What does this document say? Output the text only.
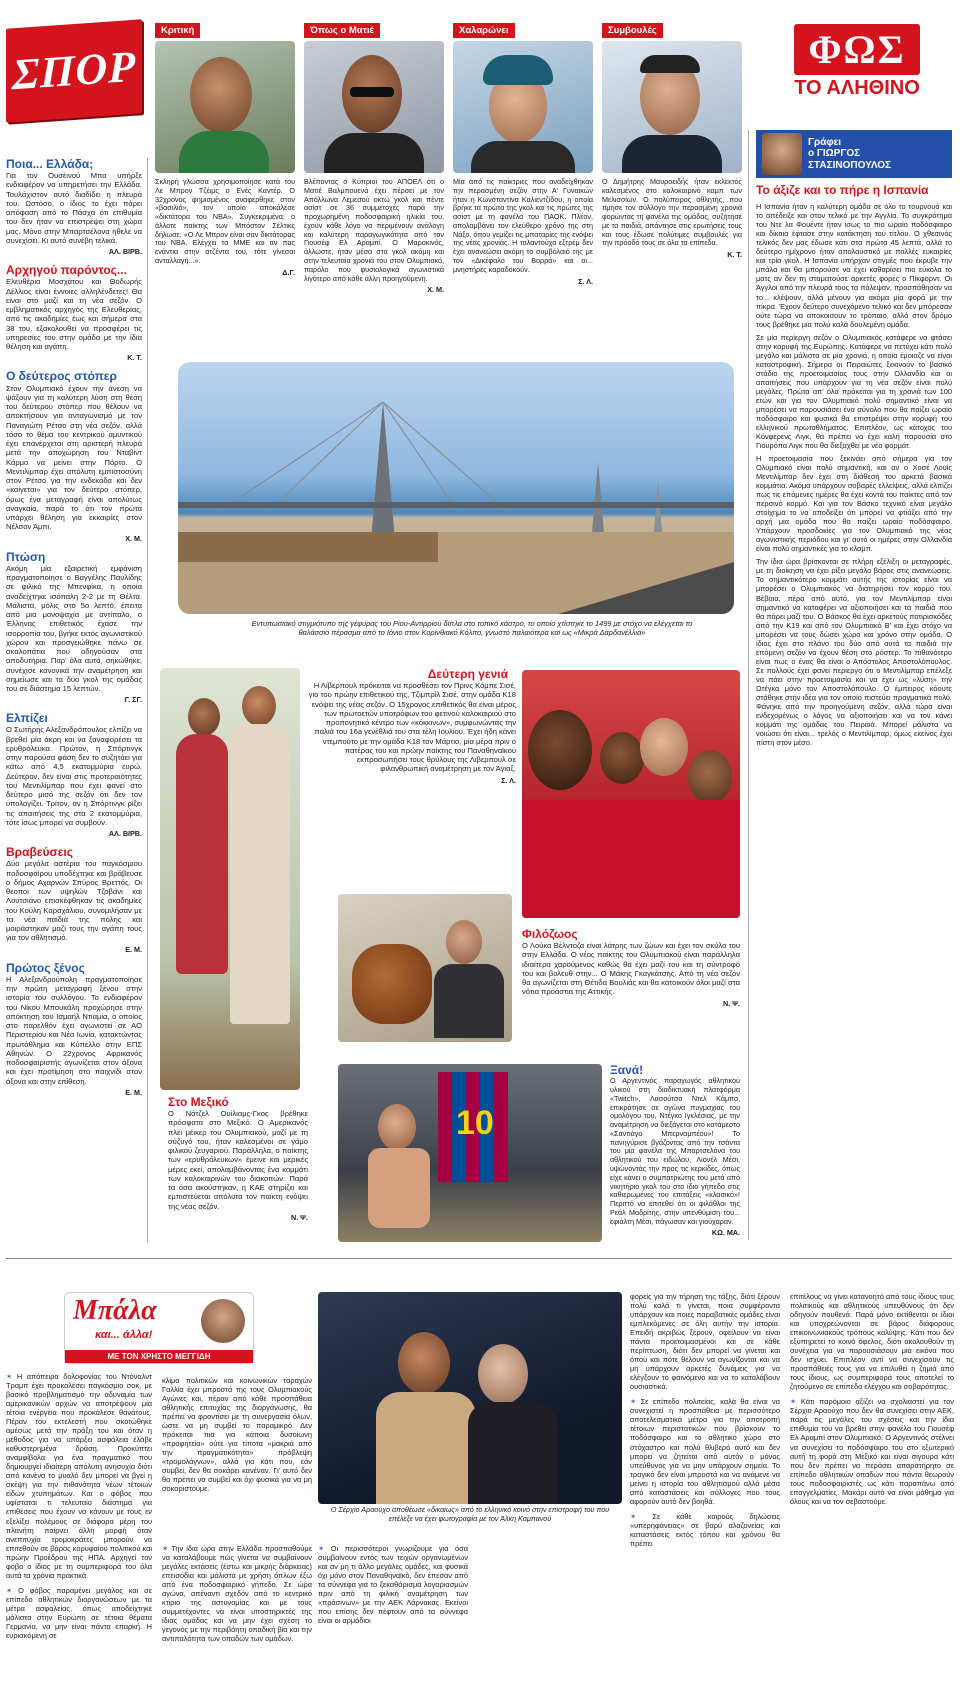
ΣΠΟΡ
Κριτική
Σκληρή γλώσσα χρησιμοποίησε κατά του Λε Μπρον Τζέιμς ο Ενές Καντέρ. Ο 32χρονος φημισμένος αναφερθηκε στον «βασιλιά», τον οποίο αποκάλεσε «δικτάτορα του ΝΒΑ». Συγκεκριμένα, ο άλλοτε παίκτης των Μπόστον Σέλτικς δήλωσε: «Ο Λε Μπρον είναι σαν δικτάτορας του NBA. Ελέγχει τα ΜΜΕ και αν πας ενάντια στην ατζέντα του, τότε γίνεσαι ανταλλαγή...».
Δ.Γ.
Όπως ο Ματιέ
Βλέποντας ο Κύπριοι του ΑΠΟΕΛ ότι ο Ματιέ Βαλμπουενά έχει πέρσει με τον Απόλλωνα Λεμεσού οκτώ γκολ και πέντε ασίστ σε 36 συμμετοχές παρά την προχωρημένη ποδοσφαιρική ηλικία του, έχουν κάθε λόγο να περιμένουν ανάλογη και καλύτερη παραγωγικότητα από τον Γιουσέφ Ελ Αραμπί. Ο Μαροκινός, άλλωστε, ήταν μέσα στα γκολ ακόμη και στην τελευταία χρονιά του στον Ολυμπιακό, παρόλο που φυσιολογικά αγωνιστικά λιγότερο από κάθε άλλη προηγούμενη.
Χ. Μ.
Χαλαρώνει
Μία από τις παίκτριες που αναδείχθηκαν την περασμένη σεζόν στην Α' Γυναικών ήταν η Κωνσταντίνα Καλιεντζίδου, η οποία βρήκε τα πρώτα της γκολ και τις πρώτες της ασίστ με τη φανέλα του ΠΑΟΚ. Πλέον, απολαμβάνει τον ελεύθερο χρόνο της στη Νάξο, όπου γεμίζει τις μπαταρίες της ενόψει της νέας χρονιάς. Η ταλαντούχα εξτρέμ δεν έχει ανανεώσει ακόμη το συμβόλαιό της με τον «Δικέφαλο του Βορρά» και οι... μνηστήρες καραδοκούν.
Σ. Λ.
Συμβουλές
Ο Δημήτρης Μαυροειδής ήταν εκλεκτός καλεσμένος στο καλοκαιρινό καμπ των Μελισσίων. Ο πολύπειρος αθλητής, που τίμησε τον σύλλογο την περασμένη χρονιά φορώντας τη φανέλα της ομάδας, συζήτησε με τα παιδιά, απάντησε στις ερωτήσεις τους και τους έδωσε πολύτιμες συμβουλές για την πρόοδό τους σε όλα τα επίπεδα.
Κ. Τ.
ΦΩΣ
ΤΟ ΑΛΗΘΙΝΟ
Γράφει
ο ΓΙΩΡΓΟΣ
ΣΤΑΣΙΝΟΠΟΥΛΟΣ
Ποια... Ελλάδα;
Για τον Ουσέινού Μπα υπήρξε ενδιαφέρον να υπηρετήσει την Ελλάδα. Τουλάχιστον αυτό διαδίδει η πλευρά του. Ωστόσο, ο ίδιος το έχει πάρει απόφαση από το Πάσχα ότι επιθυμία του δεν ήταν να επιστρέψει στη χώρα μας. Μόνο στην Μπαρτσέλονα ηθελε να συνεχίσει. Κι αυτό συνέβη τελικά.
ΑΛ. ΒΙΡΒ.
Αρχηγού παρόντος...
Ελευθέρια Μοσχάτου και Θοδωρής Δέλλιος είναι έννοιες αλληλένδετες! Θα είναι στο μαζί και τη νέα σεζόν. Ο εμβληματικός αρχηγός της Ελευθερίας, από τις ακαδημίες έως και σήμερα στα 38 του, εξακολουθεί να προσφέρει τις υπηρεσίες του στην ομάδα με την ίδια θέληση και αγάπη.
Κ. Τ.
Ο δεύτερος στόπερ
Στον Ολυμπιακό έχουν την άνεση να ψάξουν για τη καλύτερη λύση στη θέση του δεύτερου στόπερ που θέλουν να αποκτήσουν για ανταγωνισμό με τον Παναγιώτη Ρέτσο στη νέα σεζόν, αλλά τόσο το θέμα του κεντρικού αμυντικού έχει επανέρχεται στη αριστερή πλευρά μετά την αποχώρηση του Νταβίντ Κάρμο να μείνει στην Πόρτο. Ο Μεντιλίμπαρ έχει απόλυτη εμπιστοσύνη στον Ρέτσο για την ενδεκάδα και δεν «καίγεται» για τον δεύτερο στόπερ, όμως ένα μεταγραφή είναι απολύτως αναγκαία, παρά το ότι τον πρώτα υπάρχει θέληση για εκκαιρίες στον Νέλσον Άμπι.
Χ. Μ.
Πτώση
Ακόμη μία εξαιρετική εμφάνιση πραγματοποίησε ο Βαγγέλης Παυλίδης σε φιλικό της Μπενφίκα, η οποία αναδείχτηκε ισόπαλη 2-2 με τη Θέλτα. Μάλιστα, μόλις στο 5ο λεπτό, έπειτα από μια μονοψαχία με αντίπαλο, ο Έλληνας επιθετικός έχασε την ισορροπία του, βγήκε εκτός αγωνιστικού χώρου και προσγειώθηκε πάνω σε σκαλοπάτια που οδηγούσαν στα αποδυτήρια. Παρ' όλα αυτά, σηκώθηκε, συνέχισε κανονικά την αναμέτρηση και σημείωσε και τα δύο γκολ της ομάδας του σε διάστημα 15 λεπτών.
Γ. ΣΓ.
Ελπίζει
Ο Σωτήρης Αλεξανδρόπουλος ελπίζει να βρεθεί μία άκρη και να ξαναφορέσει τα ερυθρόλευκα. Πρώτον, η Σπόρτινγκ στην παρούσα φάση δεν το συζητάει για κάτω από 4,5 εκατομμύρια ευρώ. Δεύτερον, δεν είναι στις προτεραιότητες του Μεντιλίμπαρ που έχει φανεί στο δεύτερο μισό της σεζόν ότι δεν τον υπολογίζει. Τρίτον, αν η Σπόρτινγκ ρίξει τις απαιτήσεις της στα 2 εκατομμύρια, τότε ίσως μπορεί να συμβούν.
ΑΛ. ΒΙΡΒ.
Βραβεύσεις
Δύο μεγάλα αστέρια του παγκόσμιου ποδοσφαίρου υποδέχτηκε και βράβευσε ο δήμος Αχαρνών Σπύρος Βρεττός. Οι θεοποι των υψηλών Τζοβάνι και Λουτσιάνο επισκέφθηκαν τις ακαδημίες του Κούλη Καραχάλιου, συνομιλήσαν με τα νέα παιδιά της πόλης και μοιράστηκαν μαζί τους την αγάπη τους για τον αθλητισμό.
Ε. Μ.
Πρώτος ξένος
Η Αλεξανδρούπολη πραγματοποίησε την πρώτη μεταγραφή ξένου στην ιστορία του συλλόγου. Το ενδιαφέρον του Νίκου Μπουκάλη προχώρησε στην απόκτηση του Ισμαήλ Ντιαμία, ο οποίος στο παρελθόν έχει αγωνιστεί σε ΑΟ Περιστερίου και Νέα Ιωνία, κατακτώντας πρωτάθλημα και Κύπελλο στην ΕΠΣ Αθηνών. Ο 22χρονος Αφρικανός ποδοσφαιριστής αγωνίζεται στον άξονα και έχει προτίμηση στο παιχνίδι στον άξονα και στην επίθεση.
Ε. Μ.
Εντυπωσιακό στιγμιότυπο της γέφυρας του Ρίου-Αντιρρίου δίπλα στο τοπικό κάστρο, το οποίο χτίστηκε το 1499 με στόχο να ελέγχεται το θαλάσσιο πέρασμα από το Ιόνιο στον Κορινθιακό Κόλπο, γνωστό παλαιότερα και ως «Μικρά Δαρδανέλλια»
Το άξιζε και το πήρε η Ισπανία

Η Ισπανία ήταν η καλύτερη ομάδα σε όλο το τουρνουά και το απέδειξε και στον τελικό με την Αγγλία. Το συγκρότημα του Ντε λα Φουέντε ήταν ίσως το πιο ωραίο ποδόσφαιρο και δίκαια έφτασε στην κατάκτηση του τίτλου. Ο χθεσινός τελικός δεν μας έδωσε κάτι στα πρώτα 45 λεπτά, αλλά το δεύτερο ημίχρονο ήταν απολαυστικό με πολλές ευκαιρίες και τρία γκολ. Η Ισπανία υπήρχαν στιγμές που έκρυβε την μπάλα και θα μπορούσε να έχει καθαρίσει πιο εύκολα το ματς αν δεν τη σταματούσε αρκετές φορές ο Πίκφορντ. Οι Άγγλοι από την πλευρά τους τα πάλεψαν, προσπάθησαν να το... κλέψουν, αλλά μένουν για ακόμα μία φορά με την πίκρα. Έχουν δεύτερο συνεχόμενο τελικό και δεν μπόρεσαν ούτε τώρα να αποκοισουν το τρόπαιο, αλλά στον δρόμο τους βρέθηκε μία πολύ καλά δουλεμένη ομάδα.

Σε μία περίεργη σεζόν ο Ολυμπιακός κατάφερε να φτάσει στην κορυφή της Ευρώπης. Κατάφερε να πετύχει κάτι πολύ μεγάλο και μάλιστα σε μία χρονιά, η οποία έμοιαζε να είναι καταστροφική. Σήμερα οι Πειραιώτες ξεκινούν το βασικό στάδιο της προετοιμασίας τους στην Ολλανδία και οι απαιτήσεις που υπάρχουν για τη νέα σεζόν είναι πολύ μεγάλες. Πρώτα απ' όλα πρόκειται για τη χρονιά των 100 ετών και για τον Ολυμπιακό πολύ σημαντικό είναι να μπορέσει να παρουσιάσει ένα σύνολο που θα παίζει ωραίο ποδόσφαιρο και φυσικά θα επιστρέψει στην κορυφή του ελληνικού πρωταθλήματος. Επιπλέον, ως κάτοχος του Κόνφερενς Λιγκ, θα πρέπει να έχει καλή παρουσία στο Γιουρόπα Λιγκ που θα διεξαχθεί με νέο φορμάτ.

Η προετοιμασία που ξεκινάει από σήμερα για τον Ολυμπιακό είναι πολύ σημαντική, και αν ο Χοσέ Λουίς Μεντιλίμπαρ δεν έχει στη διάθεσή του αρκετά βασικά κομμάτια. Ακόμα υπάρχουν σοβαρές ελλείψεις, αλλά ελπίζει πως τις επόμενες ημέρες θα έχει κοντά του παίκτες από τον περσινό κορμό. Και για τον Βάσκο τεχνικό είναι μεγάλο στοίχημα το να αποδείξει ότι μπορεί να φτιάξει από την αρχή μια ομάδα που θα παίζει ωραίο ποδόσφαιρο. Υπάρχουν προσδοκίες για τον Ολυμπιακό της νέας αγωνιστικής περιόδου και γι' αυτό οι ημέρες στην Ολλανδία είναι πολύ σημαντικές για το κλαμπ.

Την ίδια ώρα βρίσκονται σε πλήρη εξέλιξη οι μεταγραφές, με τη διοίκηση να έχει ρίξει μεγάλο βάρος στις ανανεώσεις. Το σημαντικότερο κομμάτι αυτής της ιστορίας είναι να μπορέσει ο Ολυμπιακός να διατηρήσει τον κορμό του. Βέβαια, πέρα από αυτό, για τον Μεντιλίμπαρ είναι σημαντικό να καταφέρει να αξιοποιήσει και τα παιδιά που θα πάρει μαζί του. Ο Βάσκος θα έχει αρκετούς ποτιρισκόδες από την Κ19 και από τον Ολυμπιακό Β' και έχει στόχο να μπορέσει να τους δώσει χώρο και χρόνο στην ομάδα. Ο ίδιος έχει στο πλάνο του δύο από αυτά τα παιδιά την επόμενη σεζόν να έχουν θέση στο ρόστερ. Το πιθανότερο είναι πως ο ένας θα είναι ο Απόστολος Αποστολόπουλος. Σε πολλούς έχει φανεί περίεργο ότι ο Μεντιλίμπαρ επέλεξε να πάει στην προετοιμασία και να έχει ως «λύση» την Ωτέγκα μόνο τον Αποστολόπουλο. Ο έμπειρος κόουτς στάθηκε στην ιδέα για τον οποίο πιστεύει πραγματικά πολύ. Φάνηκε από την προηγούμενη σεζόν, αλλά τώρα είναι ενδεχομένως ο λόγος να αξιοποιήσει και να τον κάνει κομμάτι της ομάδας του Πειραιά. Μπορεί μάλιστα να νοιώσει ότι είναι... τρελός ο Μεντιλίμπαρ, όμως εκείνος έχει πίστη στον μέσο.

Δεύτερη γενιά
Η Λίβερπουλ πρόκειται να προσθέσει τον Πρινς Κόμπε Σισέ, γιο του πρώην επιθετικού της, Τζιμπρίλ Σισέ, στην ομάδα Κ18 ενόψει της νέας σεζόν. Ο 15χρονος επιθετικός θα είναι μέρος των πρωτοετών υποτρόφων του φετινού καλοκαιριού στο προπονητικό κέντρο των «κόκκινων», συμφωνώντας την παλιά του 16a γενέθλιά του στα τέλη Ιουλίου. Έχει ήδη κάνει ντεμπούτο με την ομάδα Κ18 τον Μάρτιο, μία μέρα πριν ο πατέρας του και πρώην παίκτης του Παναθηναϊκού εκπροσωπήσει τους θρύλους της Λίβερπουλ σε φιλανθρωπική αναμέτρηση με τον Άγιαξ.
Σ. Λ.
Φιλόζωος
Ο Λούκα Βέλντοζα είναι λάτρης των ζώων και έχει τον σκύλο του στην Ελλάδα. Ο νέος παίκτης του Ολυμπιακού είναι παράλληλα ιδιαίτερα χαρούμενος καθώς θα έχει μαζί του και τη σύντροφό του και βολευθ στην... Ο Μάκης Γκαγκάτσης. Από τη νέα σεζόν θα αγωνίζεται στη Θέτιδα Βουλιάς και θα κατοικούν όλοι μαζί στα νότια προάστια της Αττικής.
Ν. Ψ.
Στο Μεξικό
Ο Νάτζελ Ουίλιαμς-Γκος βρέθηκε πρόσφατα στο Μεξικό. Ο Αμερικανός πλέι μέικερ του Ολυμπιακού, μαζί με τη σύζυγό του, ήταν καλεσμένοι σε γάμο φιλικού ζευγαριού. Παράλληλα, ο παίκτης των «ερυθρόλευκων» έμεινε και μερικές μέρες εκεί, απολαμβάνοντας ένα κομμάτι των καλοκαιρινών του διακοπών. Παρά τα όσα ακούστηκαν, η ΚΑΕ στηρίζει και εμπιστεύεται απόλυτα τον παίκτη ενόψει της νέας σεζόν.
Ν. Ψ.
10
Ξανά!
Ο Αργεντινός παραγωγός αθλητικού υλικού στη διαδικτυακή πλατφόρμα «Twitch», Λασούτσο Ντελ Κάμπο, επικράτησε σε αγώνα πυγμαχίας του ομολόγου του, Ντέγκο Ιγκλέσιας, με την αναμέτρηση να διεξάγεται στο κατάμεστο «Σαντιάγο Μπερναμπέου»! Το πανηγύρισε βγάζοντας από την τσάντα του μία φανέλα της Μπαρτσελόνα του αθλητικού του ειδώλου, Λιονέλ Μέσι, υψώνοντάς την προς τις κερκίδες, όπως είχε κάνει ο συμπατριώτης του μετά από νικητήριο γκολ του στο ίδιο γήπεδο στις καθιερωμένες του επιτάξεις «κλασικό»! Περιττό να επιτεθεί ότι οι φιλάθλοι της Ρεάλ Μαδρίτης, στην υπενθύμιση του... εφιάλτη Μέσι, πάγωσαν και γιούχαραν.
ΚΩ. ΜΑ.
Μπάλα
και... άλλα!
ΜΕ ΤΟΝ ΧΡΗΣΤΟ ΜΕΓΓΙΔΗ

✶ Η απόπειρα δολοφονίας του Ντόναλντ Τραμπ έχει προκαλέσει παγκόσμιο σοκ, με βασικό προβληματισμό την αδυναμία των αμερικανικών αρχών να αποτρέψουν μία τέτοια ενέργεια που προκάλεσε θανάτους. Πέραν του εκτελεστή που σκοτώθηκε αμέσως μετά την πράξη του και όταν η μέθοδος για να υπάρξει ασφάλεια έλαβε καθυστερημένα δράση. Προκύπτει αναμφίβολα για ένα πραγματικό που δημιουργεί ιδιαίτερη απόλυτη ανησυχία διότι από κανένα το μυαλό δεν μπορεί να βγεί η σκέψη για την πιθανότητα νέων τέτοιων ειδών χτυπημάτων. Και ο φόβος που υφίσταται τι τελευταίο διάστημα για επιθέσεις που έχουν να κάνουν με τους εν εξελίξει πολέμους σε διάφορα μέρη του πλανήτη παίρνει άλλη μορφή όταν ανεπιτυχία τρομοκράτες μπορούν να επιτεθούν σε βάρος κορυφαίου πολιτικού και πρώην Προέδρου της ΗΠΑ. Αρχηγεί τον φόβο ο ίδιος με τη συμπεριφορά του όλα αυτά τα χρόνια πρακτικά.

✶ Ο φόβος παραμένει μεγάλος και σε επίπεδο αθλητικών διοργανώσεων με τα μέτρα ασφαλείας, όπως αποδείχτηκε μάλιστα στην Ευρώπη σε τέτοια θέματα Γερμανία, να μην είναι πάντα επαρκή. Η ευρισκόμενη σε

Ο Σέρχιο Αραούχο αποθέωσε «δικαίως» από το ελληνικό κοινό στην επιστροφή του που επέλεξε να έχει φωτογραφία με τον Άλκη Καμπανού

κλίμα πολιτικών και κοινωνικών ταραχών Γαλλία έχει μπροστά της τους Ολυμπιακούς Αγώνες και, πέραν από κάθε προσπάθεια αθλητικής επιτυχίας της διοργάνωσης, θα πρέπει να φροντίσει με τη συνεργασία όλων, ώστε να μη συμβεί το παραμικρό. Δεν πρόκειται πια για κάποια δυσοίωνη «προφητεία» ούτε για τίποτα «μακριά από την πραγματικότητα» πρόβλεψη «τρομολάγνων», αλλά για κάτι που, εάν συμβεί, δεν θα σοκάρει κανέναν. Γι' αυτό δεν θα πρέπει να συμβεί και όχι φυσικά για να μη σοκαριστούμε.

✶ Την ίδια ώρα στην Ελλάδα προσπαθούμε να καταλάβουμε πώς γίνεται να συμβαίνουν μεγάλες εκτάσεις (έστω και μικρής διάρκειας) επεισόδια και μάλιστα με χρήση όπλων έξω από ένα ποδοσφαιρικό γήπεδο. Σε ώρα αγώνα, απέναντι σχεδόν από το κεντρικό κτίριο της αστυνομίας και με τους συμμετέχοντες να είναι υποστηρικτές της ίδιας ομάδας και να μην έχει σχέση το γεγονός με την περιβόητη οπαδική βία και την αντιπαλότητα των οπαδών των ομάδων.

✶ Οι περισσότεροι γνωρίζουμε για όσα συμβαίνουν εντός των τειχών οργανωμένων και αν μη τι άλλο μεγάλες ομάδες, και φυσικά όχι μόνο στον Παναθηναϊκό, δεν έπεσαν από τα σύννεφα για το ξεκαθάρισμα λογαριασμών πριν από τη φιλική αναμέτρηση των «πράσινων» με την ΑΕΚ Λάρνακας. Εκείνοι που επίσης δεν πέφτουν από τα σύννεφα είναι οι αρμόδιοι

φορείς για την τήρηση της τάξης, διότι ξέρουν πολύ καλά τι γίνεται, ποια συμφέροντα υπάρχουν και ποιες παραβατικές ομάδες είναι εμπλεκόμενες σε όλη αυτήν την ιστορία. Επειδή ακριβώς ξέρουν, οφείλουν να είναι πάντα προετοιμασμένοι και σε κάθε περίπτωση, διότι δεν μπορεί να γίνεται και όπου και πότε θέλουν να αγωνίζονται και να μη υπάρχουν αρκετές δυνάμεις για να ελέγξουν το φαινόμενο και να το καταλάβουν ουσιαστικά.

✶ Σε επίπεδο πολιτείας, καλά θα είναι να συνεχιστεί η προσπάθεια με περισσότερο αποτελεσματικά μέτρα για την αποτροπή τέτοιων περιστατικών που βρίσκουν το ποδόσφαιρο και το αθλητικό χώρο στο στόχαστρο και πολύ θλιβερό αυτό και δεν μπορεί να ζητείται από αυτόν ο μόνος υπεύθυνος για να μην υπάρχουν σημεία. Το τραγικό δεν είναι μπροστά και να ανάμενε να μείνει η ιστορία του αθλητισμού αλλά μέσα από καταστάσεις και σύλλογες που τους αφορούν αυτό δεν βοηθά.

✶ Σε κάθε καιρούς δηλώσεις «υπερηφάνειας» σε βαρύ αλαζονείας και καταστάσεις εκτός τόπου και χρόνου θα πρέπει

επιτέλους να γίνει κατανοητό από τους ίδιους τους πολιτικούς και αθλητικούς υπευθύνους ότι δεν οδηγούν πουθενά. Παρά μόνο εκτίθενται οι ίδιοι και υποχρεώνονται σε βάρος διάφορους επικοινωνιακούς τρόπους καλύψης. Κάτι που δεν εξυπηρετεί το κοινό όφελος, διότι ακολουθούν τη συνέχεια για να παρουσιάσουν μια εικόνα που δεν ισχύει. Επιπλέον αντί να συνεχίσουν τις προσπάθειές τους για να επιλυθεί η ζημιά από τους ίδιους, ως συμπεριφορά τους αποτελεί το ζητούμενο σε επίπεδο ελέγχου και σοβαρότητας.

✶ Κάτι παρόμοιο αξίζει να σχολιαστεί για τον Σέρχιο Αραούχο που δεν θα συνεχίσει στην ΑΕΚ, παρά τις μεγάλες του σχέσεις και την ίδια επιθυμία του να βρεθεί στην φανέλα του Γιουσέφ Ελ Αραμπί στον Ολυμπιακό. Ο Αργεντινός στέλνει να συνεχίσει το ποδόσφαιρο του στο εξωτερικό αυτή τη φορά στη Μεξικό και είναι σίγουρα κάτι που δεν πρέπει να περάσει απαρατήρητο σε επίπεδο αθλητικών οπαδών που πάντα θεωρούν τους ποδοσφαιριστές ως κάτι παραπάνω από επαγγελματίες. Μακάρι αυτό να είναι μάθημα για όλους και να τον σεβαστούμε.
